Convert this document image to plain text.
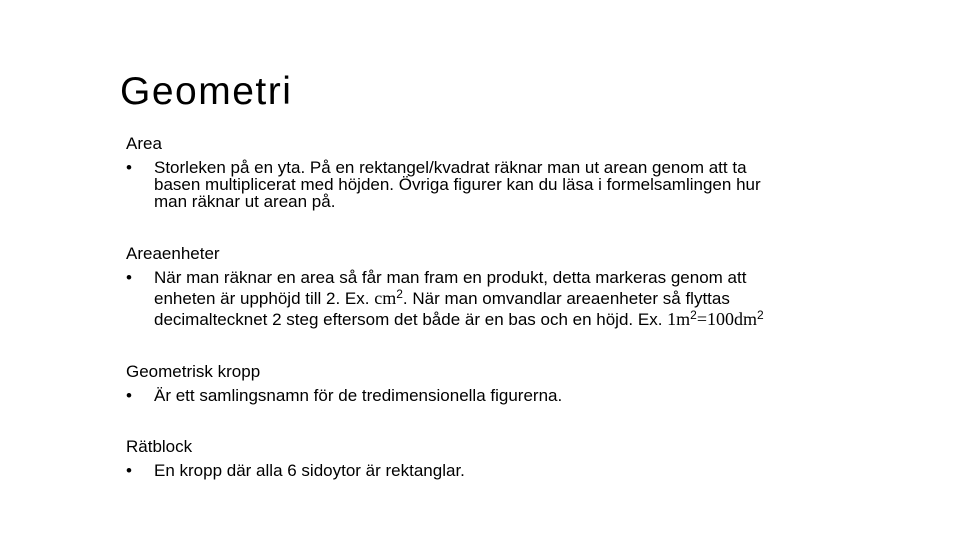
Geometri

Area

• Storleken på en yta. På en rektangel/kvadrat räknar man ut arean genom att ta
basen multiplicerat med höjden. Övriga figurer kan du läsa i formelsamlingen hur
man räknar ut arean på.

Areaenheter

• När man räknar en area så får man fram en produkt, detta markeras genom att
enheten är upphöjd till 2. Ex. $cm^2$. När man omvandlar areaenheter så flyttas
decimaltecknet 2 steg eftersom det både är en bas och en höjd. Ex. $1m^2=100dm^2$

Geometrisk kropp

• Är ett samlingsnamn för de tredimensionella figurerna.

Rätblock

• En kropp där alla 6 sidoytor är rektanglar.
